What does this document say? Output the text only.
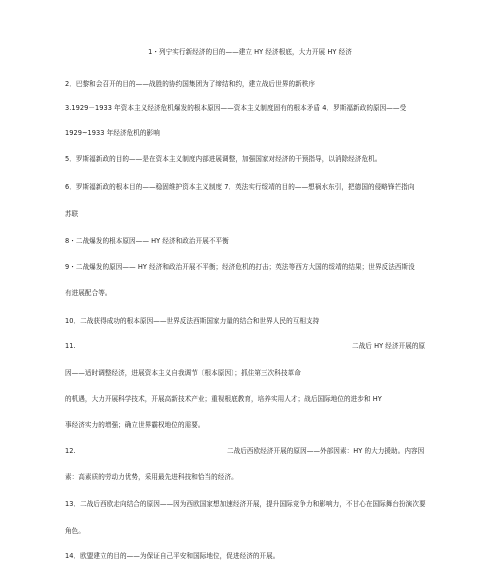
1・列宁实行新经济的目的——建立 HY 经济根底，大力开展 HY 经济
2．巴黎和会召开的目的——战胜的协约国集团为了缔结和约，建立战后世界的新秩序
3.1929－1933 年资本主义经济危机爆发的根本原因——资本主义制度固有的根本矛盾 4．罗斯福新政的原因——受
1929~1933 年经济危机的影响
5．罗斯福新政的目的——是在资本主义制度内部进展调整，加强国家对经济的干预指导，以消除经济危机。
6．罗斯福新政的根本目的——稳固维护资本主义制度 7．英法实行绥靖的目的——想祸水东引，把德国的侵略锋芒指向
苏联
8・二战爆发的根本原因—— HY 经济和政治开展不平衡
9・二战爆发的原因—— HY 经济和政治开展不平衡；经济危机的打击；英法等西方大国的绥靖的结果；世界反法西斯没
有进展配合等。
10．二战获得成功的根本原因——世界反法西斯国家力量的结合和世界人民的互相支持
11.	二战后 HY 经济开展的原
因——适时调整经济，进展资本主义自我调节〔根本原因〕；抓住第三次科技革命
的机遇，大力开展科学技术，开展高新技术产业；重视根底教育，培养实用人才；战后国际地位的进步和 HY
事经济实力的增强；确立世界霸权地位的需要。
12.	二战后西欧经济开展的原因——外部因素：HY 的大力援助。内容因
素：高素质的劳动力优势，采用最先进科技和恰当的经济。
13．二战后西欧走向结合的原因——因为西欧国家想加速经济开展，提升国际竞争力和影响力，不甘心在国际舞台扮演次要
角色。
14．欧盟建立的目的——为保证自己平安和国际地位，促进经济的开展。
